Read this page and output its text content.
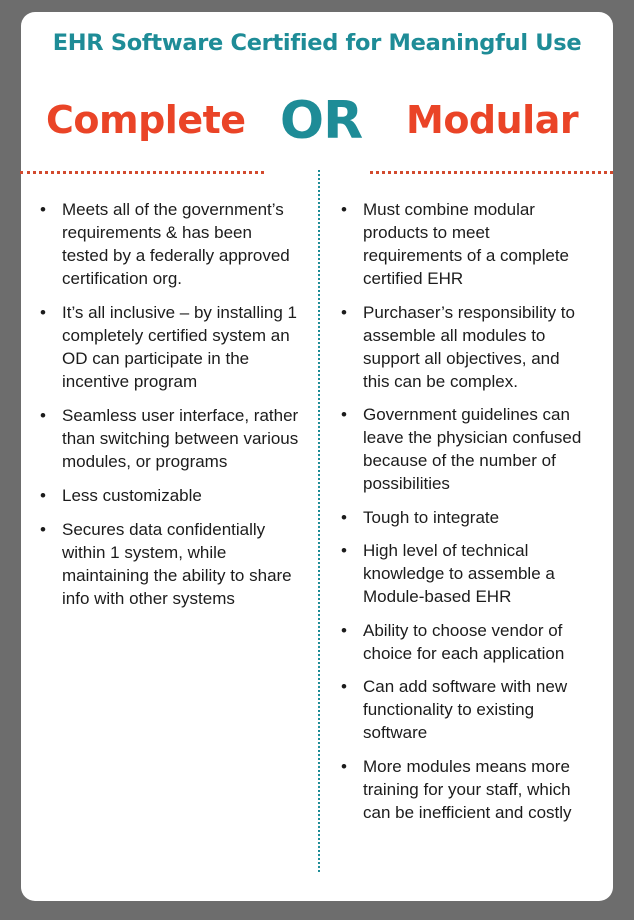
EHR Software Certified for Meaningful Use
Complete OR Modular
• Meets all of the government’s requirements & has been tested by a federally approved certification org.
• It’s all inclusive – by installing 1 completely certified system an OD can participate in the incentive program
• Seamless user interface, rather than switching between various modules, or programs
• Less customizable
• Secures data confidentially within 1 system, while maintaining the ability to share info with other systems
• Must combine modular products to meet requirements of a complete certified EHR
• Purchaser’s responsibility to assemble all modules to support all objectives, and this can be complex.
• Government guidelines can leave the physician confused because of the number of possibilities
• Tough to integrate
• High level of technical knowledge to assemble a Module-based EHR
• Ability to choose vendor of choice for each application
• Can add software with new functionality to existing software
• More modules means more training for your staff, which can be inefficient and costly
